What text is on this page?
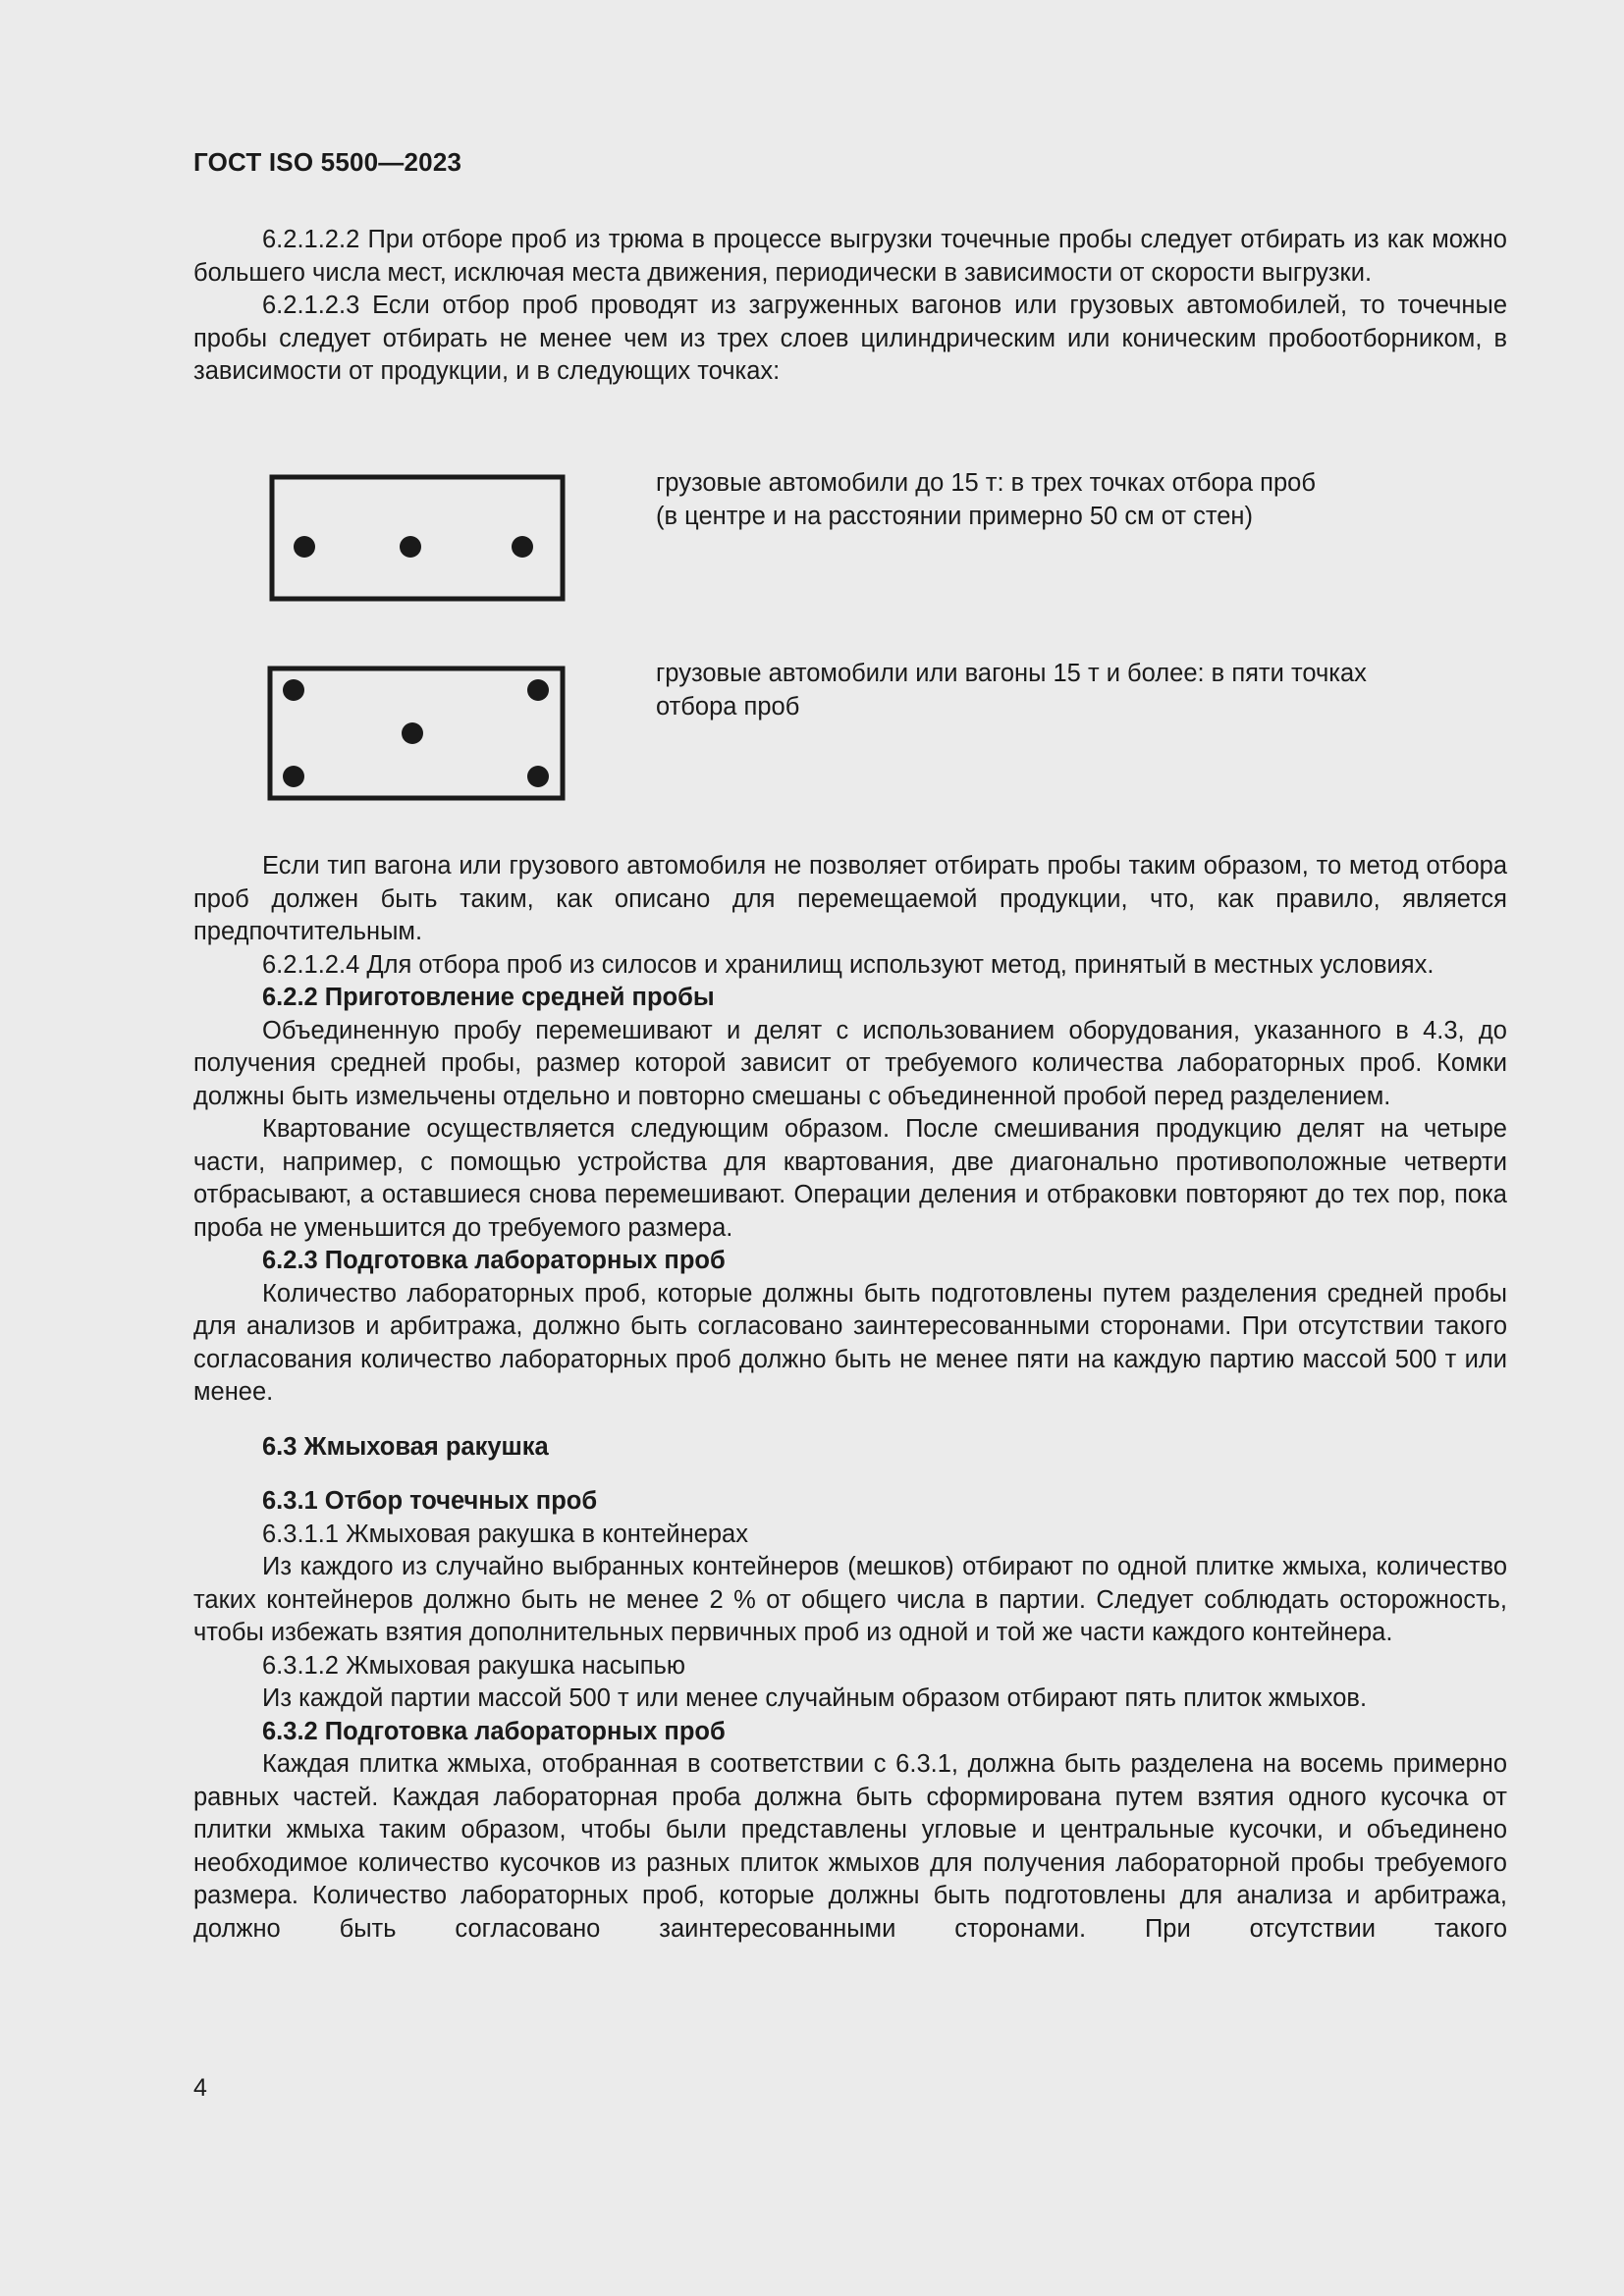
ГОСТ ISO 5500—2023

6.2.1.2.2 При отборе проб из трюма в процессе выгрузки точечные пробы следует отбирать из как можно большего числа мест, исключая места движения, периодически в зависимости от скорости выгрузки.

6.2.1.2.3 Если отбор проб проводят из загруженных вагонов или грузовых автомобилей, то точечные пробы следует отбирать не менее чем из трех слоев цилиндрическим или коническим пробоотборником, в зависимости от продукции, и в следующих точках:

грузовые автомобили до 15 т: в трех точках отбора проб
(в центре и на расстоянии примерно 50 см от стен)

грузовые автомобили или вагоны 15 т и более: в пяти точках
отбора проб

Если тип вагона или грузового автомобиля не позволяет отбирать пробы таким образом, то метод отбора проб должен быть таким, как описано для перемещаемой продукции, что, как правило, является предпочтительным.

6.2.1.2.4 Для отбора проб из силосов и хранилищ используют метод, принятый в местных условиях.

6.2.2 Приготовление средней пробы

Объединенную пробу перемешивают и делят с использованием оборудования, указанного в 4.3, до получения средней пробы, размер которой зависит от требуемого количества лабораторных проб. Комки должны быть измельчены отдельно и повторно смешаны с объединенной пробой перед разделением.

Квартование осуществляется следующим образом. После смешивания продукцию делят на четыре части, например, с помощью устройства для квартования, две диагонально противоположные четверти отбрасывают, а оставшиеся снова перемешивают. Операции деления и отбраковки повторяют до тех пор, пока проба не уменьшится до требуемого размера.

6.2.3 Подготовка лабораторных проб

Количество лабораторных проб, которые должны быть подготовлены путем разделения средней пробы для анализов и арбитража, должно быть согласовано заинтересованными сторонами. При отсутствии такого согласования количество лабораторных проб должно быть не менее пяти на каждую партию массой 500 т или менее.

6.3 Жмыховая ракушка

6.3.1 Отбор точечных проб

6.3.1.1 Жмыховая ракушка в контейнерах

Из каждого из случайно выбранных контейнеров (мешков) отбирают по одной плитке жмыха, количество таких контейнеров должно быть не менее 2 % от общего числа в партии. Следует соблюдать осторожность, чтобы избежать взятия дополнительных первичных проб из одной и той же части каждого контейнера.

6.3.1.2 Жмыховая ракушка насыпью

Из каждой партии массой 500 т или менее случайным образом отбирают пять плиток жмыхов.

6.3.2 Подготовка лабораторных проб

Каждая плитка жмыха, отобранная в соответствии с 6.3.1, должна быть разделена на восемь примерно равных частей. Каждая лабораторная проба должна быть сформирована путем взятия одного кусочка от плитки жмыха таким образом, чтобы были представлены угловые и центральные кусочки, и объединено необходимое количество кусочков из разных плиток жмыхов для получения лабораторной пробы требуемого размера. Количество лабораторных проб, которые должны быть подготовлены для анализа и арбитража, должно быть согласовано заинтересованными сторонами. При отсутствии такого

4
